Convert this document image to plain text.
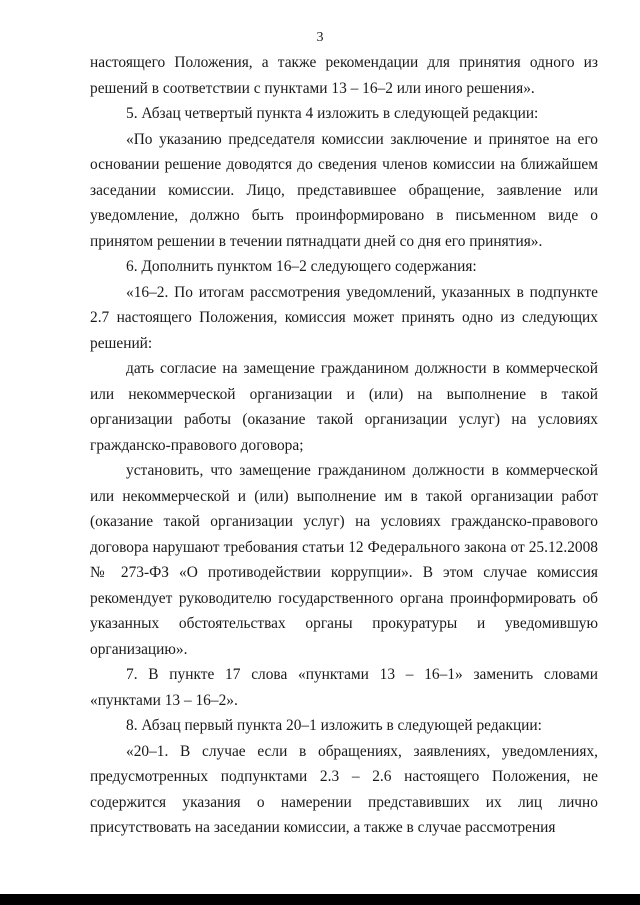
3

настоящего Положения, а также рекомендации для принятия одного из решений в соответствии с пунктами 13 – 16–2 или иного решения».

5. Абзац четвертый пункта 4 изложить в следующей редакции:

«По указанию председателя комиссии заключение и принятое на его основании решение доводятся до сведения членов комиссии на ближайшем заседании комиссии. Лицо, представившее обращение, заявление или уведомление, должно быть проинформировано в письменном виде о принятом решении в течении пятнадцати дней со дня его принятия».

6. Дополнить пунктом 16–2 следующего содержания:

«16–2. По итогам рассмотрения уведомлений, указанных в подпункте 2.7 настоящего Положения, комиссия может принять одно из следующих решений:

дать согласие на замещение гражданином должности в коммерческой или некоммерческой организации и (или) на выполнение в такой организации работы (оказание такой организации услуг) на условиях гражданско-правового договора;

установить, что замещение гражданином должности в коммерческой или некоммерческой и (или) выполнение им в такой организации работ (оказание такой организации услуг) на условиях гражданско-правового договора нарушают требования статьи 12 Федерального закона от 25.12.2008 № 273-ФЗ «О противодействии коррупции». В этом случае комиссия рекомендует руководителю государственного органа проинформировать об указанных обстоятельствах органы прокуратуры и уведомившую организацию».

7. В пункте 17 слова «пунктами 13 – 16–1» заменить словами «пунктами 13 – 16–2».

8. Абзац первый пункта 20–1 изложить в следующей редакции:

«20–1. В случае если в обращениях, заявлениях, уведомлениях, предусмотренных подпунктами 2.3 – 2.6 настоящего Положения, не содержится указания о намерении представивших их лиц лично присутствовать на заседании комиссии, а также в случае рассмотрения
